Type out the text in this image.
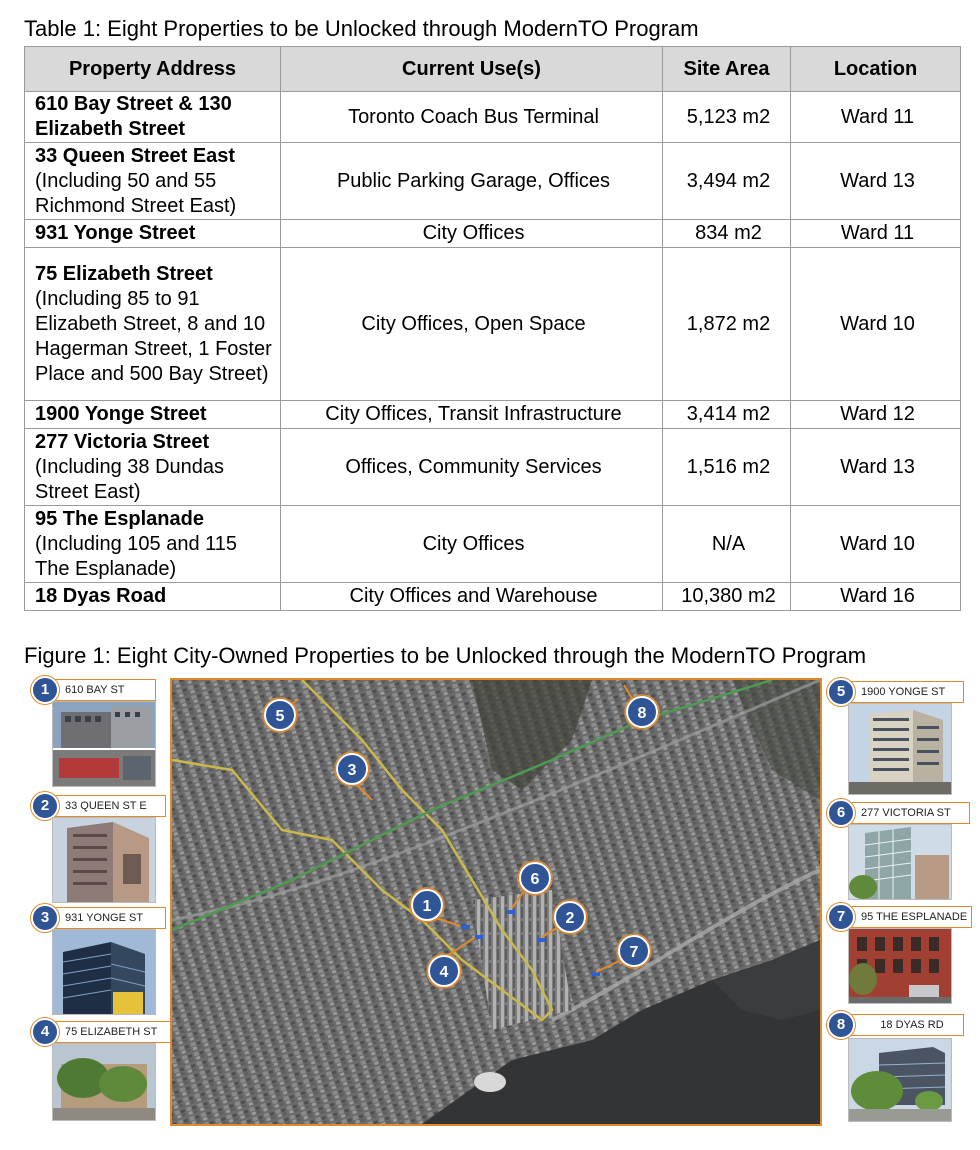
Table 1: Eight Properties to be Unlocked through ModernTO Program
Property Address	Current Use(s)	Site Area	Location

610 Bay Street & 130 Elizabeth Street	Toronto Coach Bus Terminal	5,123 m2	Ward 11

33 Queen Street East
(Including 50 and 55 Richmond Street East)	Public Parking Garage, Offices	3,494 m2	Ward 13

931 Yonge Street	City Offices	834 m2	Ward 11

75 Elizabeth Street
(Including 85 to 91 Elizabeth Street, 8 and 10 Hagerman Street, 1 Foster Place and 500 Bay Street)	City Offices, Open Space	1,872 m2	Ward 10

1900 Yonge Street	City Offices, Transit Infrastructure	3,414 m2	Ward 12

277 Victoria Street
(Including 38 Dundas Street East)	Offices, Community Services	1,516 m2	Ward 13

95 The Esplanade
(Including 105 and 115 The Esplanade)	City Offices	N/A	Ward 10

18 Dyas Road	City Offices and Warehouse	10,380 m2	Ward 16
Figure 1: Eight City-Owned Properties to be Unlocked through the ModernTO Program
1	610 BAY ST
2	33 QUEEN ST E
3	931 YONGE ST
4	75 ELIZABETH ST
5	8
3
6
1
2
7
4
5	1900 YONGE ST
6	277 VICTORIA ST
7	95 THE ESPLANADE
8	18 DYAS RD
